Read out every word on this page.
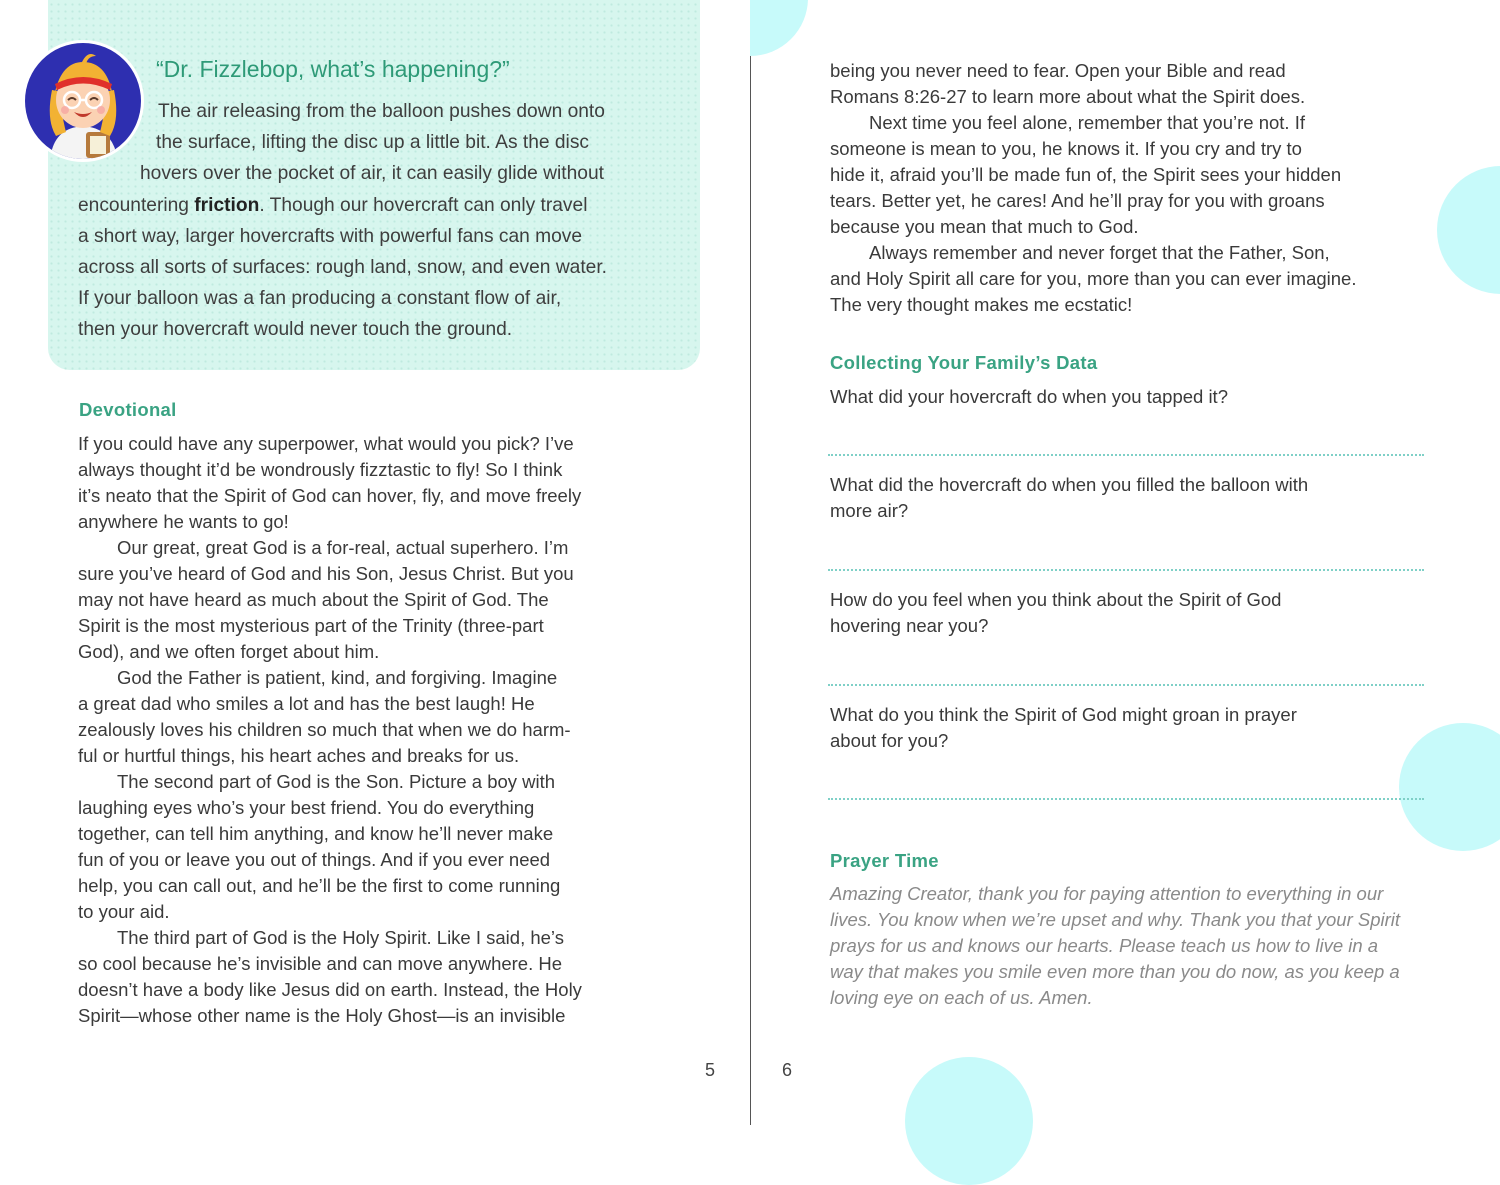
“Dr. Fizzlebop, what’s happening?”

The air releasing from the balloon pushes down onto
the surface, lifting the disc up a little bit. As the disc
hovers over the pocket of air, it can easily glide without
encountering friction. Though our hovercraft can only travel
a short way, larger hovercrafts with powerful fans can move
across all sorts of surfaces: rough land, snow, and even water.
If your balloon was a fan producing a constant flow of air,
then your hovercraft would never touch the ground.

Devotional

If you could have any superpower, what would you pick? I’ve
always thought it’d be wondrously fizztastic to fly! So I think
it’s neato that the Spirit of God can hover, fly, and move freely
anywhere he wants to go!
Our great, great God is a for-real, actual superhero. I’m
sure you’ve heard of God and his Son, Jesus Christ. But you
may not have heard as much about the Spirit of God. The
Spirit is the most mysterious part of the Trinity (three-part
God), and we often forget about him.
God the Father is patient, kind, and forgiving. Imagine
a great dad who smiles a lot and has the best laugh! He
zealously loves his children so much that when we do harm-
ful or hurtful things, his heart aches and breaks for us.
The second part of God is the Son. Picture a boy with
laughing eyes who’s your best friend. You do everything
together, can tell him anything, and know he’ll never make
fun of you or leave you out of things. And if you ever need
help, you can call out, and he’ll be the first to come running
to your aid.
The third part of God is the Holy Spirit. Like I said, he’s
so cool because he’s invisible and can move anywhere. He
doesn’t have a body like Jesus did on earth. Instead, the Holy
Spirit—whose other name is the Holy Ghost—is an invisible

5

being you never need to fear. Open your Bible and read
Romans 8:26-27 to learn more about what the Spirit does.
Next time you feel alone, remember that you’re not. If
someone is mean to you, he knows it. If you cry and try to
hide it, afraid you’ll be made fun of, the Spirit sees your hidden
tears. Better yet, he cares! And he’ll pray for you with groans
because you mean that much to God.
Always remember and never forget that the Father, Son,
and Holy Spirit all care for you, more than you can ever imagine.
The very thought makes me ecstatic!

Collecting Your Family’s Data

What did your hovercraft do when you tapped it?

What did the hovercraft do when you filled the balloon with
more air?

How do you feel when you think about the Spirit of God
hovering near you?

What do you think the Spirit of God might groan in prayer
about for you?

Prayer Time

Amazing Creator, thank you for paying attention to everything in our
lives. You know when we’re upset and why. Thank you that your Spirit
prays for us and knows our hearts. Please teach us how to live in a
way that makes you smile even more than you do now, as you keep a
loving eye on each of us. Amen.

6
